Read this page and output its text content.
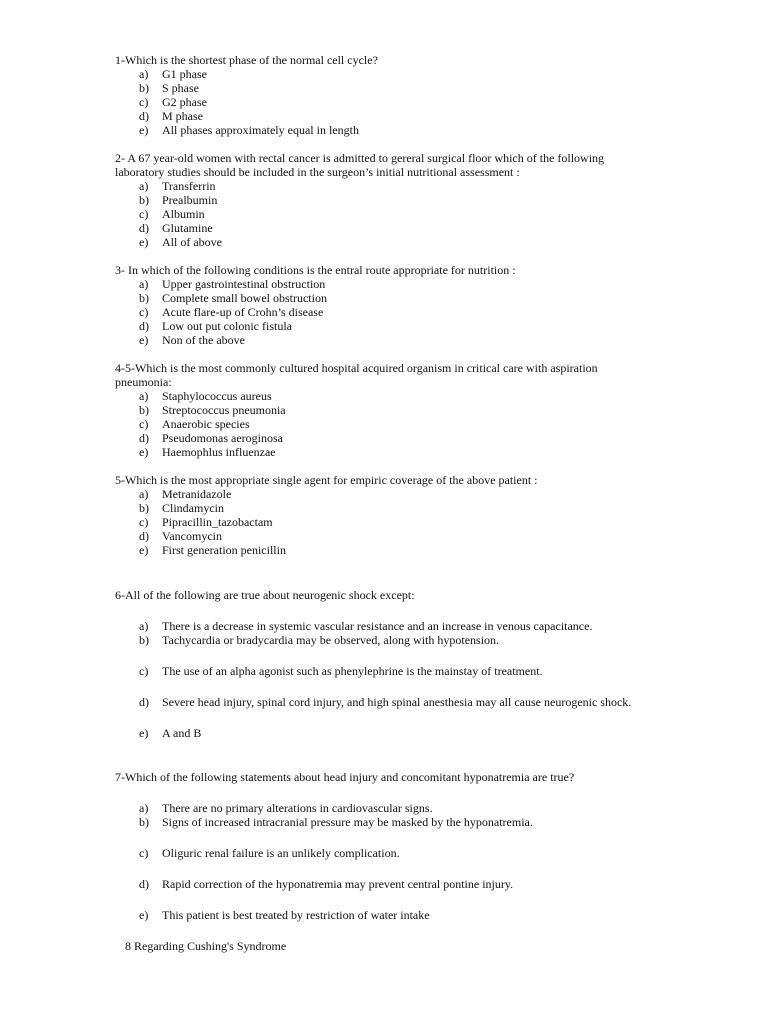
1-Which is the shortest phase of the normal cell cycle?

a) G1 phase
b) S phase
c) G2 phase
d) M phase
e) All phases approximately equal in length

2- A 67 year-old women with rectal cancer is admitted to gereral surgical floor which of the following laboratory studies should be included in the surgeon’s initial nutritional assessment :

a) Transferrin
b) Prealbumin
c) Albumin
d) Glutamine
e) All of above

3- In which of the following conditions is the entral route appropriate for nutrition :

a) Upper gastrointestinal obstruction
b) Complete small bowel obstruction
c) Acute flare-up of Crohn’s disease
d) Low out put colonic fistula
e) Non of the above

4-5-Which is the most commonly cultured hospital acquired organism in critical care with aspiration pneumonia:

a) Staphylococcus aureus
b) Streptococcus pneumonia
c) Anaerobic species
d) Pseudomonas aeroginosa
e) Haemophlus influenzae

5-Which is the most appropriate single agent for empiric coverage of the above patient :

a) Metranidazole
b) Clindamycin
c) Pipracillin_tazobactam
d) Vancomycin
e) First generation penicillin

6-All of the following are true about neurogenic shock except:

a) There is a decrease in systemic vascular resistance and an increase in venous capacitance.
b) Tachycardia or bradycardia may be observed, along with hypotension.
c) The use of an alpha agonist such as phenylephrine is the mainstay of treatment.
d) Severe head injury, spinal cord injury, and high spinal anesthesia may all cause neurogenic shock.
e) A and B

7-Which of the following statements about head injury and concomitant hyponatremia are true?

a) There are no primary alterations in cardiovascular signs.
b) Signs of increased intracranial pressure may be masked by the hyponatremia.
c) Oliguric renal failure is an unlikely complication.
d) Rapid correction of the hyponatremia may prevent central pontine injury.
e) This patient is best treated by restriction of water intake

8 Regarding Cushing's Syndrome
